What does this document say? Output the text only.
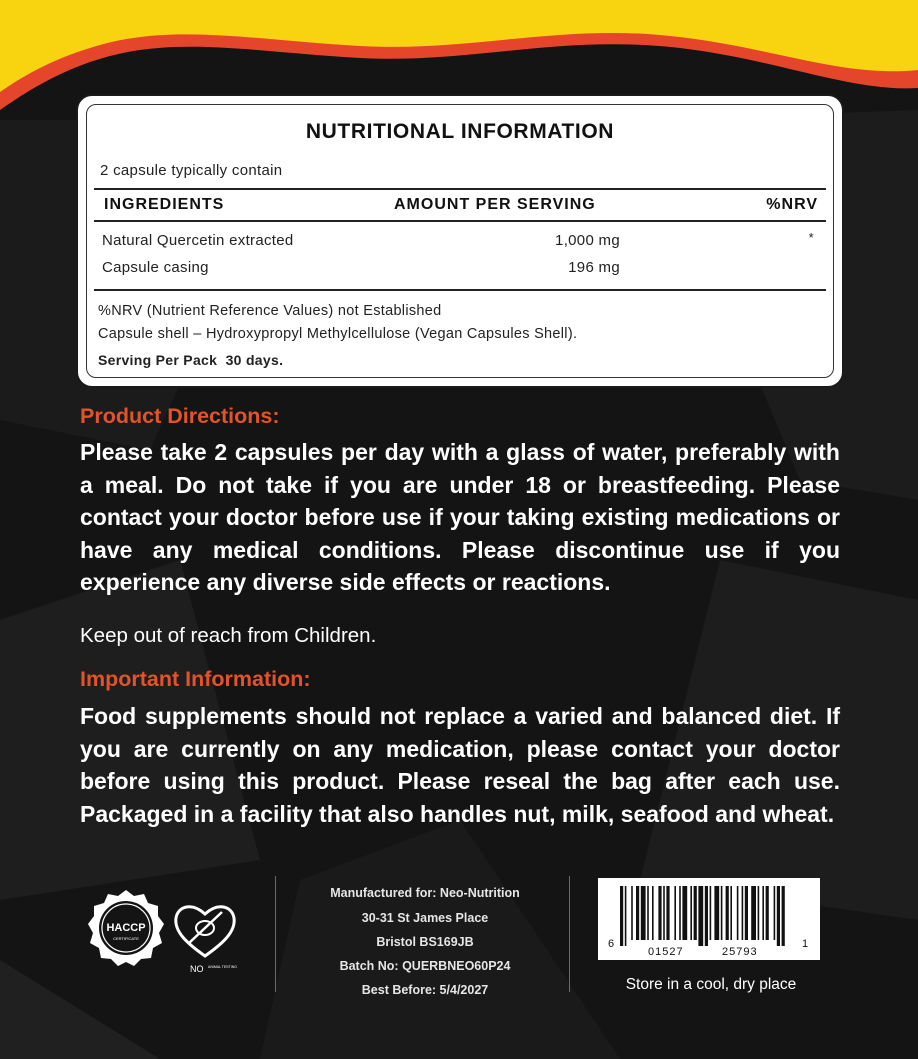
NUTRITIONAL INFORMATION
2 capsule typically contain
INGREDIENTS	AMOUNT PER SERVING	%NRV
Natural Quercetin extracted	1,000 mg	*
Capsule casing	196 mg
%NRV (Nutrient Reference Values) not Established
Capsule shell – Hydroxypropyl Methylcellulose (Vegan Capsules Shell).
Serving Per Pack 30 days.
Product Directions:
Please take 2 capsules per day with a glass of water, preferably with a meal. Do not take if you are under 18 or breastfeeding. Please contact your doctor before use if your taking existing medications or have any medical conditions. Please discontinue use if you experience any diverse side effects or reactions.
Keep out of reach from Children.
Important Information:
Food supplements should not replace a varied and balanced diet. If you are currently on any medication, please contact your doctor before using this product. Please reseal the bag after each use. Packaged in a facility that also handles nut, milk, seafood and wheat.
HACCP
CERTIFICATE
NO ANIMAL TESTING
Manufactured for: Neo-Nutrition
30-31 St James Place
Bristol BS169JB
Batch No: QUERBNEO60P24
Best Before: 5/4/2027
6
01527	25793
1
Store in a cool, dry place
